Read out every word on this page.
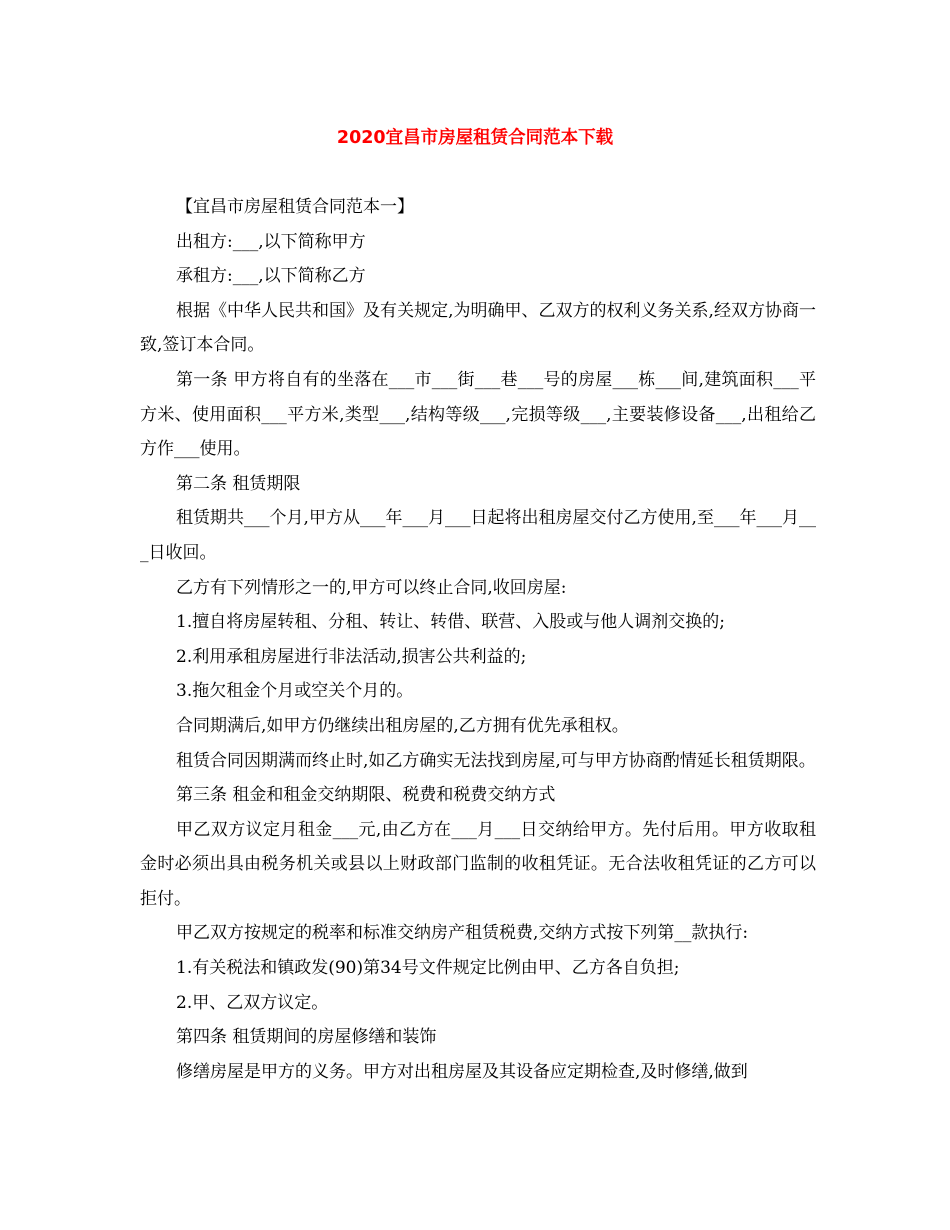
2020宜昌市房屋租赁合同范本下载

【宜昌市房屋租赁合同范本一】

出租方:___,以下简称甲方

承租方:___,以下简称乙方

根据《中华人民共和国》及有关规定,为明确甲、乙双方的权利义务关系,经双方协商一致,签订本合同。

第一条 甲方将自有的坐落在___市___街___巷___号的房屋___栋___间,建筑面积___平方米、使用面积___平方米,类型___,结构等级___,完损等级___,主要装修设备___,出租给乙方作___使用。

第二条 租赁期限

租赁期共___个月,甲方从___年___月___日起将出租房屋交付乙方使用,至___年___月___日收回。

乙方有下列情形之一的,甲方可以终止合同,收回房屋:

1.擅自将房屋转租、分租、转让、转借、联营、入股或与他人调剂交换的;

2.利用承租房屋进行非法活动,损害公共利益的;

3.拖欠租金个月或空关个月的。

合同期满后,如甲方仍继续出租房屋的,乙方拥有优先承租权。

租赁合同因期满而终止时,如乙方确实无法找到房屋,可与甲方协商酌情延长租赁期限。

第三条 租金和租金交纳期限、税费和税费交纳方式

甲乙双方议定月租金___元,由乙方在___月___日交纳给甲方。先付后用。甲方收取租金时必须出具由税务机关或县以上财政部门监制的收租凭证。无合法收租凭证的乙方可以拒付。

甲乙双方按规定的税率和标准交纳房产租赁税费,交纳方式按下列第__款执行:

1.有关税法和镇政发(90)第34号文件规定比例由甲、乙方各自负担;

2.甲、乙双方议定。

第四条 租赁期间的房屋修缮和装饰

修缮房屋是甲方的义务。甲方对出租房屋及其设备应定期检查,及时修缮,做到
